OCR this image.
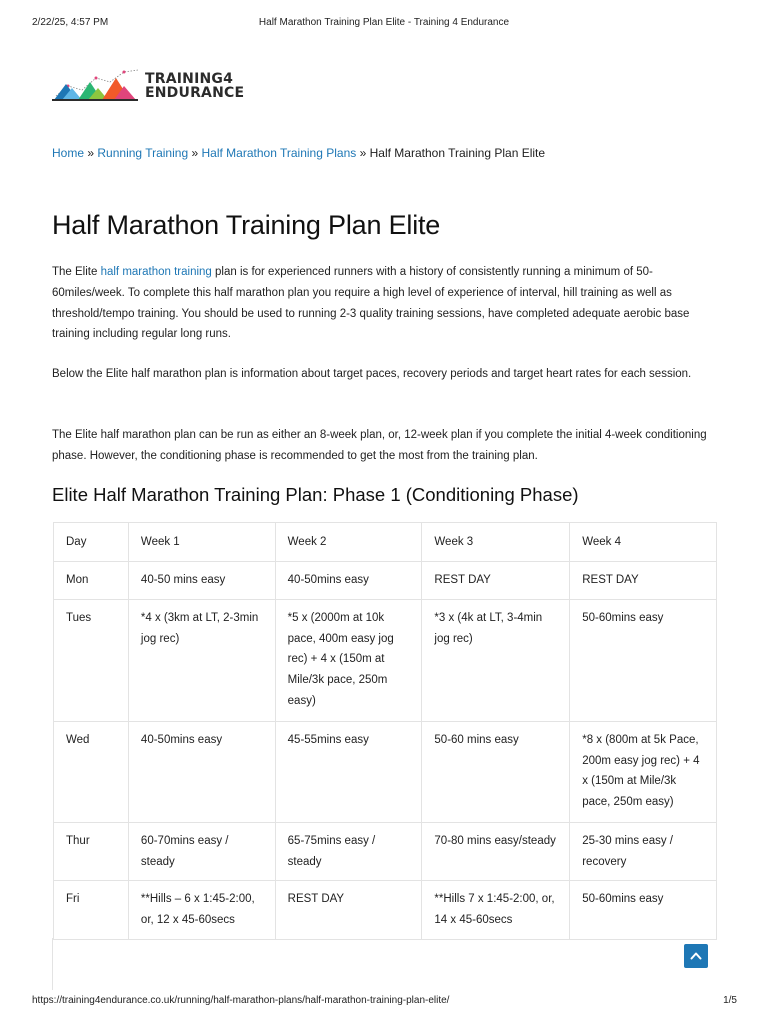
2/22/25, 4:57 PM	Half Marathon Training Plan Elite - Training 4 Endurance
TRAINING4
ENDURANCE
Home » Running Training » Half Marathon Training Plans » Half Marathon Training Plan Elite
Half Marathon Training Plan Elite

The Elite half marathon training plan is for experienced runners with a history of consistently running a minimum of 50-60miles/week. To complete this half marathon plan you require a high level of experience of interval, hill training as well as threshold/tempo training. You should be used to running 2-3 quality training sessions, have completed adequate aerobic base training including regular long runs.

Below the Elite half marathon plan is information about target paces, recovery periods and target heart rates for each session.

The Elite half marathon plan can be run as either an 8-week plan, or, 12-week plan if you complete the initial 4-week conditioning phase. However, the conditioning phase is recommended to get the most from the training plan.

Elite Half Marathon Training Plan: Phase 1 (Conditioning Phase)
Day	Week 1	Week 2	Week 3	Week 4
Mon	40-50 mins easy	40-50mins easy	REST DAY	REST DAY
Tues	*4 x (3km at LT, 2-3min jog rec)	*5 x (2000m at 10k pace, 400m easy jog rec) + 4 x (150m at Mile/3k pace, 250m easy)	*3 x (4k at LT, 3-4min jog rec)	50-60mins easy
Wed	40-50mins easy	45-55mins easy	50-60 mins easy	*8 x (800m at 5k Pace, 200m easy jog rec) + 4 x (150m at Mile/3k pace, 250m easy)
Thur	60-70mins easy / steady	65-75mins easy / steady	70-80 mins easy/steady	25-30 mins easy / recovery
Fri	**Hills – 6 x 1:45-2:00, or, 12 x 45-60secs	REST DAY	**Hills 7 x 1:45-2:00, or, 14 x 45-60secs	50-60mins easy
https://training4endurance.co.uk/running/half-marathon-plans/half-marathon-training-plan-elite/	1/5
